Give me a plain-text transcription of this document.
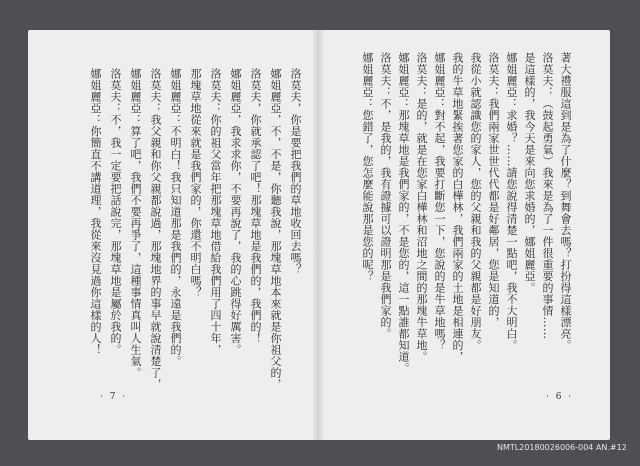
· 7 ·
洛莫夫，你是要把我們的草地收回去嗎？
娜姐麗亞，不，不是，你聽我說，那塊草地本來就是你祖父的，
洛莫夫，你就承認了吧！那塊草地是我們的，我們的！
娜姐麗亞，我求求你，不要再說了，我的心跳得好厲害。
洛莫夫：你的祖父當年把那塊草地借給我們用了四十年，
那塊草地從來就是我們家的，你還不明白嗎？
娜姐麗亞：不明白！我只知道那是我們的，永遠是我們的。
洛莫夫：我父親和你父親都說過，那塊地界的事早就說清楚了，
娜姐麗亞：算了吧，我們不要再爭了，這種事情真叫人生氣。
洛莫夫：不，我一定要把話說完，那塊草地是屬於我的。
娜姐麗亞：你簡直不講道理，我從來沒見過你這樣的人！
· 6 ·
著大禮服這到是為了什麼？到舞會去嗎？打扮得這樣漂亮。
洛莫夫：（鼓起勇氣）我來是為了一件很重要的事情……
是這樣的，我今天是來向您求婚的，娜姐麗亞。
娜姐麗亞：求婚？……請您說得清楚一點吧，我不大明白。
洛莫夫：我們兩家世世代代都是好鄰居，您是知道的，
我從小就認識您的家人，您的父親和我的父親都是好朋友。
我的牛草地緊挨著您家的白樺林，我們兩家的土地是相連的，
娜姐麗亞：對不起，我要打斷您一下，您說的是牛草地嗎？
洛莫夫：是的，就是在您家白樺林和沼地之間的那塊牛草地。
娜姐麗亞：那塊草地是我們家的，不是您的，這一點誰都知道。
洛莫夫：不，是我的，我有證據可以證明那是我們家的。
娜姐麗亞：您錯了，您怎麼能說那是您的呢？
NMTL20180026006-004 AN.#12
